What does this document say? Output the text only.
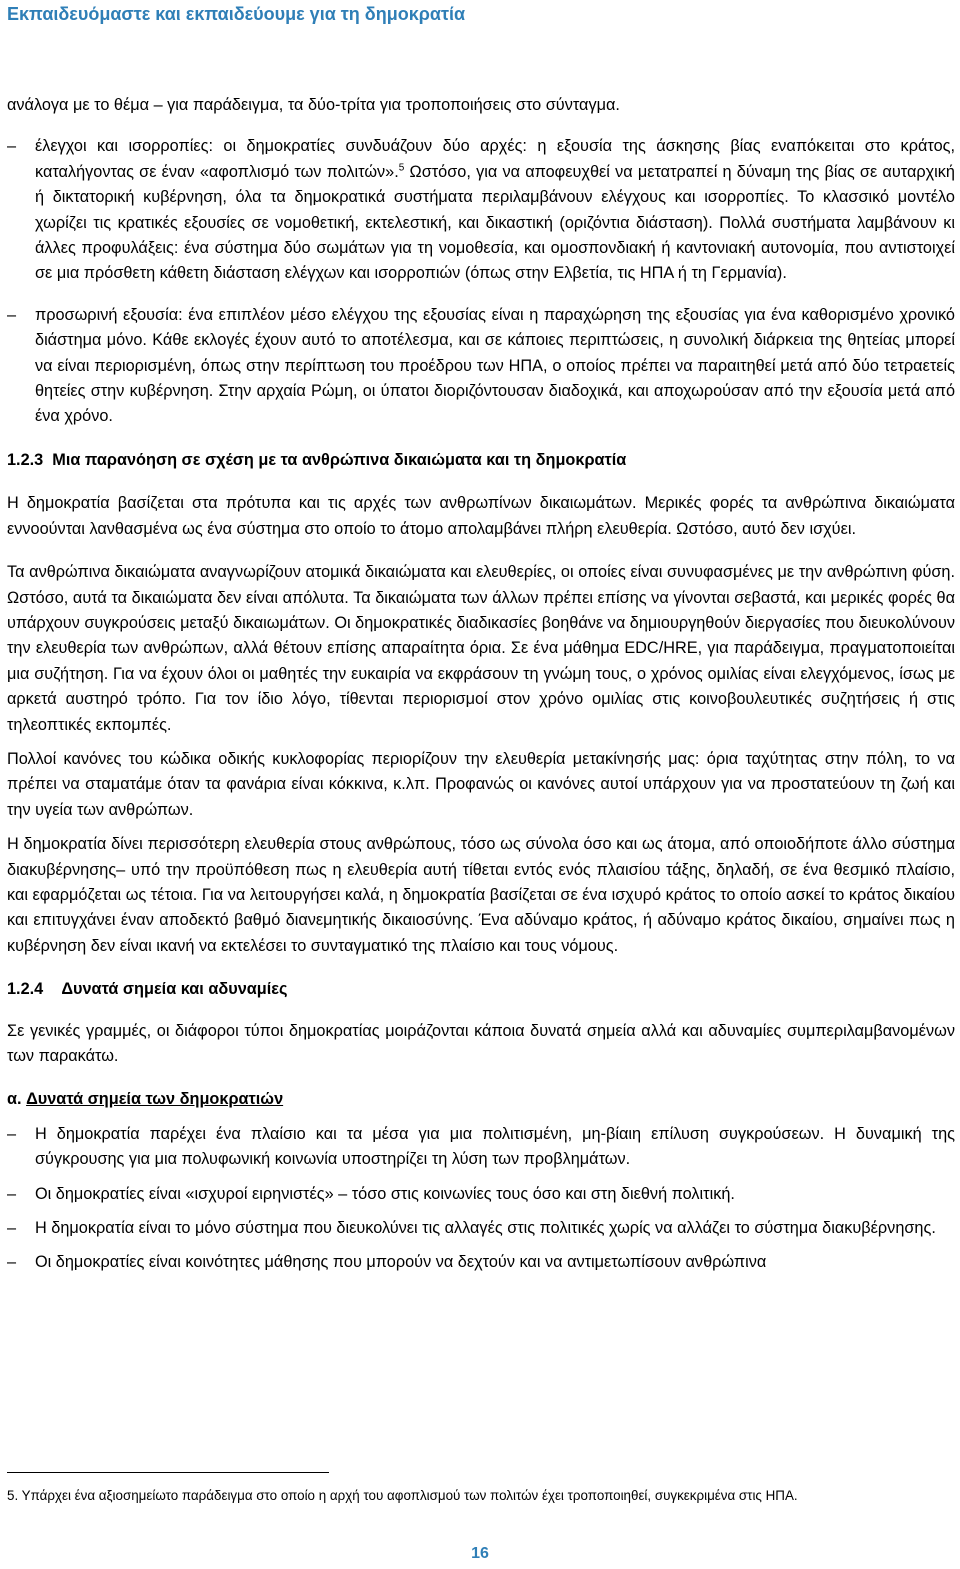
Εκπαιδευόμαστε και εκπαιδεύουμε για τη δημοκρατία

ανάλογα με το θέμα – για παράδειγμα, τα δύο-τρίτα για τροποποιήσεις στο σύνταγμα.

– έλεγχοι και ισορροπίες: οι δημοκρατίες συνδυάζουν δύο αρχές: η εξουσία της άσκησης βίας εναπόκειται στο κράτος, καταλήγοντας σε έναν «αφοπλισμό των πολιτών».$^5$ Ωστόσο, για να αποφευχθεί να μετατραπεί η δύναμη της βίας σε αυταρχική ή δικτατορική κυβέρνηση, όλα τα δημοκρατικά συστήματα περιλαμβάνουν ελέγχους και ισορροπίες. Το κλασσικό μοντέλο χωρίζει τις κρατικές εξουσίες σε νομοθετική, εκτελεστική, και δικαστική (οριζόντια διάσταση). Πολλά συστήματα λαμβάνουν κι άλλες προφυλάξεις: ένα σύστημα δύο σωμάτων για τη νομοθεσία, και ομοσπονδιακή ή καντονιακή αυτονομία, που αντιστοιχεί σε μια πρόσθετη κάθετη διάσταση ελέγχων και ισορροπιών (όπως στην Ελβετία, τις ΗΠΑ ή τη Γερμανία).
– προσωρινή εξουσία: ένα επιπλέον μέσο ελέγχου της εξουσίας είναι η παραχώρηση της εξουσίας για ένα καθορισμένο χρονικό διάστημα μόνο. Κάθε εκλογές έχουν αυτό το αποτέλεσμα, και σε κάποιες περιπτώσεις, η συνολική διάρκεια της θητείας μπορεί να είναι περιορισμένη, όπως στην περίπτωση του προέδρου των ΗΠΑ, ο οποίος πρέπει να παραιτηθεί μετά από δύο τετραετείς θητείες στην κυβέρνηση. Στην αρχαία Ρώμη, οι ύπατοι διοριζόντουσαν διαδοχικά, και αποχωρούσαν από την εξουσία μετά από ένα χρόνο.
1.2.3 Μια παρανόηση σε σχέση με τα ανθρώπινα δικαιώματα και τη δημοκρατία

Η δημοκρατία βασίζεται στα πρότυπα και τις αρχές των ανθρωπίνων δικαιωμάτων. Μερικές φορές τα ανθρώπινα δικαιώματα εννοούνται λανθασμένα ως ένα σύστημα στο οποίο το άτομο απολαμβάνει πλήρη ελευθερία. Ωστόσο, αυτό δεν ισχύει.

Τα ανθρώπινα δικαιώματα αναγνωρίζουν ατομικά δικαιώματα και ελευθερίες, οι οποίες είναι συνυφασμένες με την ανθρώπινη φύση. Ωστόσο, αυτά τα δικαιώματα δεν είναι απόλυτα. Τα δικαιώματα των άλλων πρέπει επίσης να γίνονται σεβαστά, και μερικές φορές θα υπάρχουν συγκρούσεις μεταξύ δικαιωμάτων. Οι δημοκρατικές διαδικασίες βοηθάνε να δημιουργηθούν διεργασίες που διευκολύνουν την ελευθερία των ανθρώπων, αλλά θέτουν επίσης απαραίτητα όρια. Σε ένα μάθημα EDC/HRE, για παράδειγμα, πραγματοποιείται μια συζήτηση. Για να έχουν όλοι οι μαθητές την ευκαιρία να εκφράσουν τη γνώμη τους, ο χρόνος ομιλίας είναι ελεγχόμενος, ίσως με αρκετά αυστηρό τρόπο. Για τον ίδιο λόγο, τίθενται περιορισμοί στον χρόνο ομιλίας στις κοινοβουλευτικές συζητήσεις ή στις τηλεοπτικές εκπομπές.

Πολλοί κανόνες του κώδικα οδικής κυκλοφορίας περιορίζουν την ελευθερία μετακίνησής μας: όρια ταχύτητας στην πόλη, το να πρέπει να σταματάμε όταν τα φανάρια είναι κόκκινα, κ.λπ. Προφανώς οι κανόνες αυτοί υπάρχουν για να προστατεύουν τη ζωή και την υγεία των ανθρώπων.

Η δημοκρατία δίνει περισσότερη ελευθερία στους ανθρώπους, τόσο ως σύνολα όσο και ως άτομα, από οποιοδήποτε άλλο σύστημα διακυβέρνησης– υπό την προϋπόθεση πως η ελευθερία αυτή τίθεται εντός ενός πλαισίου τάξης, δηλαδή, σε ένα θεσμικό πλαίσιο, και εφαρμόζεται ως τέτοια. Για να λειτουργήσει καλά, η δημοκρατία βασίζεται σε ένα ισχυρό κράτος το οποίο ασκεί το κράτος δικαίου και επιτυγχάνει έναν αποδεκτό βαθμό διανεμητικής δικαιοσύνης. Ένα αδύναμο κράτος, ή αδύναμο κράτος δικαίου, σημαίνει πως η κυβέρνηση δεν είναι ικανή να εκτελέσει το συνταγματικό της πλαίσιο και τους νόμους.

1.2.4 Δυνατά σημεία και αδυναμίες

Σε γενικές γραμμές, οι διάφοροι τύποι δημοκρατίας μοιράζονται κάποια δυνατά σημεία αλλά και αδυναμίες συμπεριλαμβανομένων των παρακάτω.

α. Δυνατά σημεία των δημοκρατιών
– Η δημοκρατία παρέχει ένα πλαίσιο και τα μέσα για μια πολιτισμένη, μη-βίαιη επίλυση συγκρούσεων. Η δυναμική της σύγκρουσης για μια πολυφωνική κοινωνία υποστηρίζει τη λύση των προβλημάτων.
– Οι δημοκρατίες είναι «ισχυροί ειρηνιστές» – τόσο στις κοινωνίες τους όσο και στη διεθνή πολιτική.
– Η δημοκρατία είναι το μόνο σύστημα που διευκολύνει τις αλλαγές στις πολιτικές χωρίς να αλλάζει το σύστημα διακυβέρνησης.
– Οι δημοκρατίες είναι κοινότητες μάθησης που μπορούν να δεχτούν και να αντιμετωπίσουν ανθρώπινα
5. Υπάρχει ένα αξιοσημείωτο παράδειγμα στο οποίο η αρχή του αφοπλισμού των πολιτών έχει τροποποιηθεί, συγκεκριμένα στις ΗΠΑ.
16
